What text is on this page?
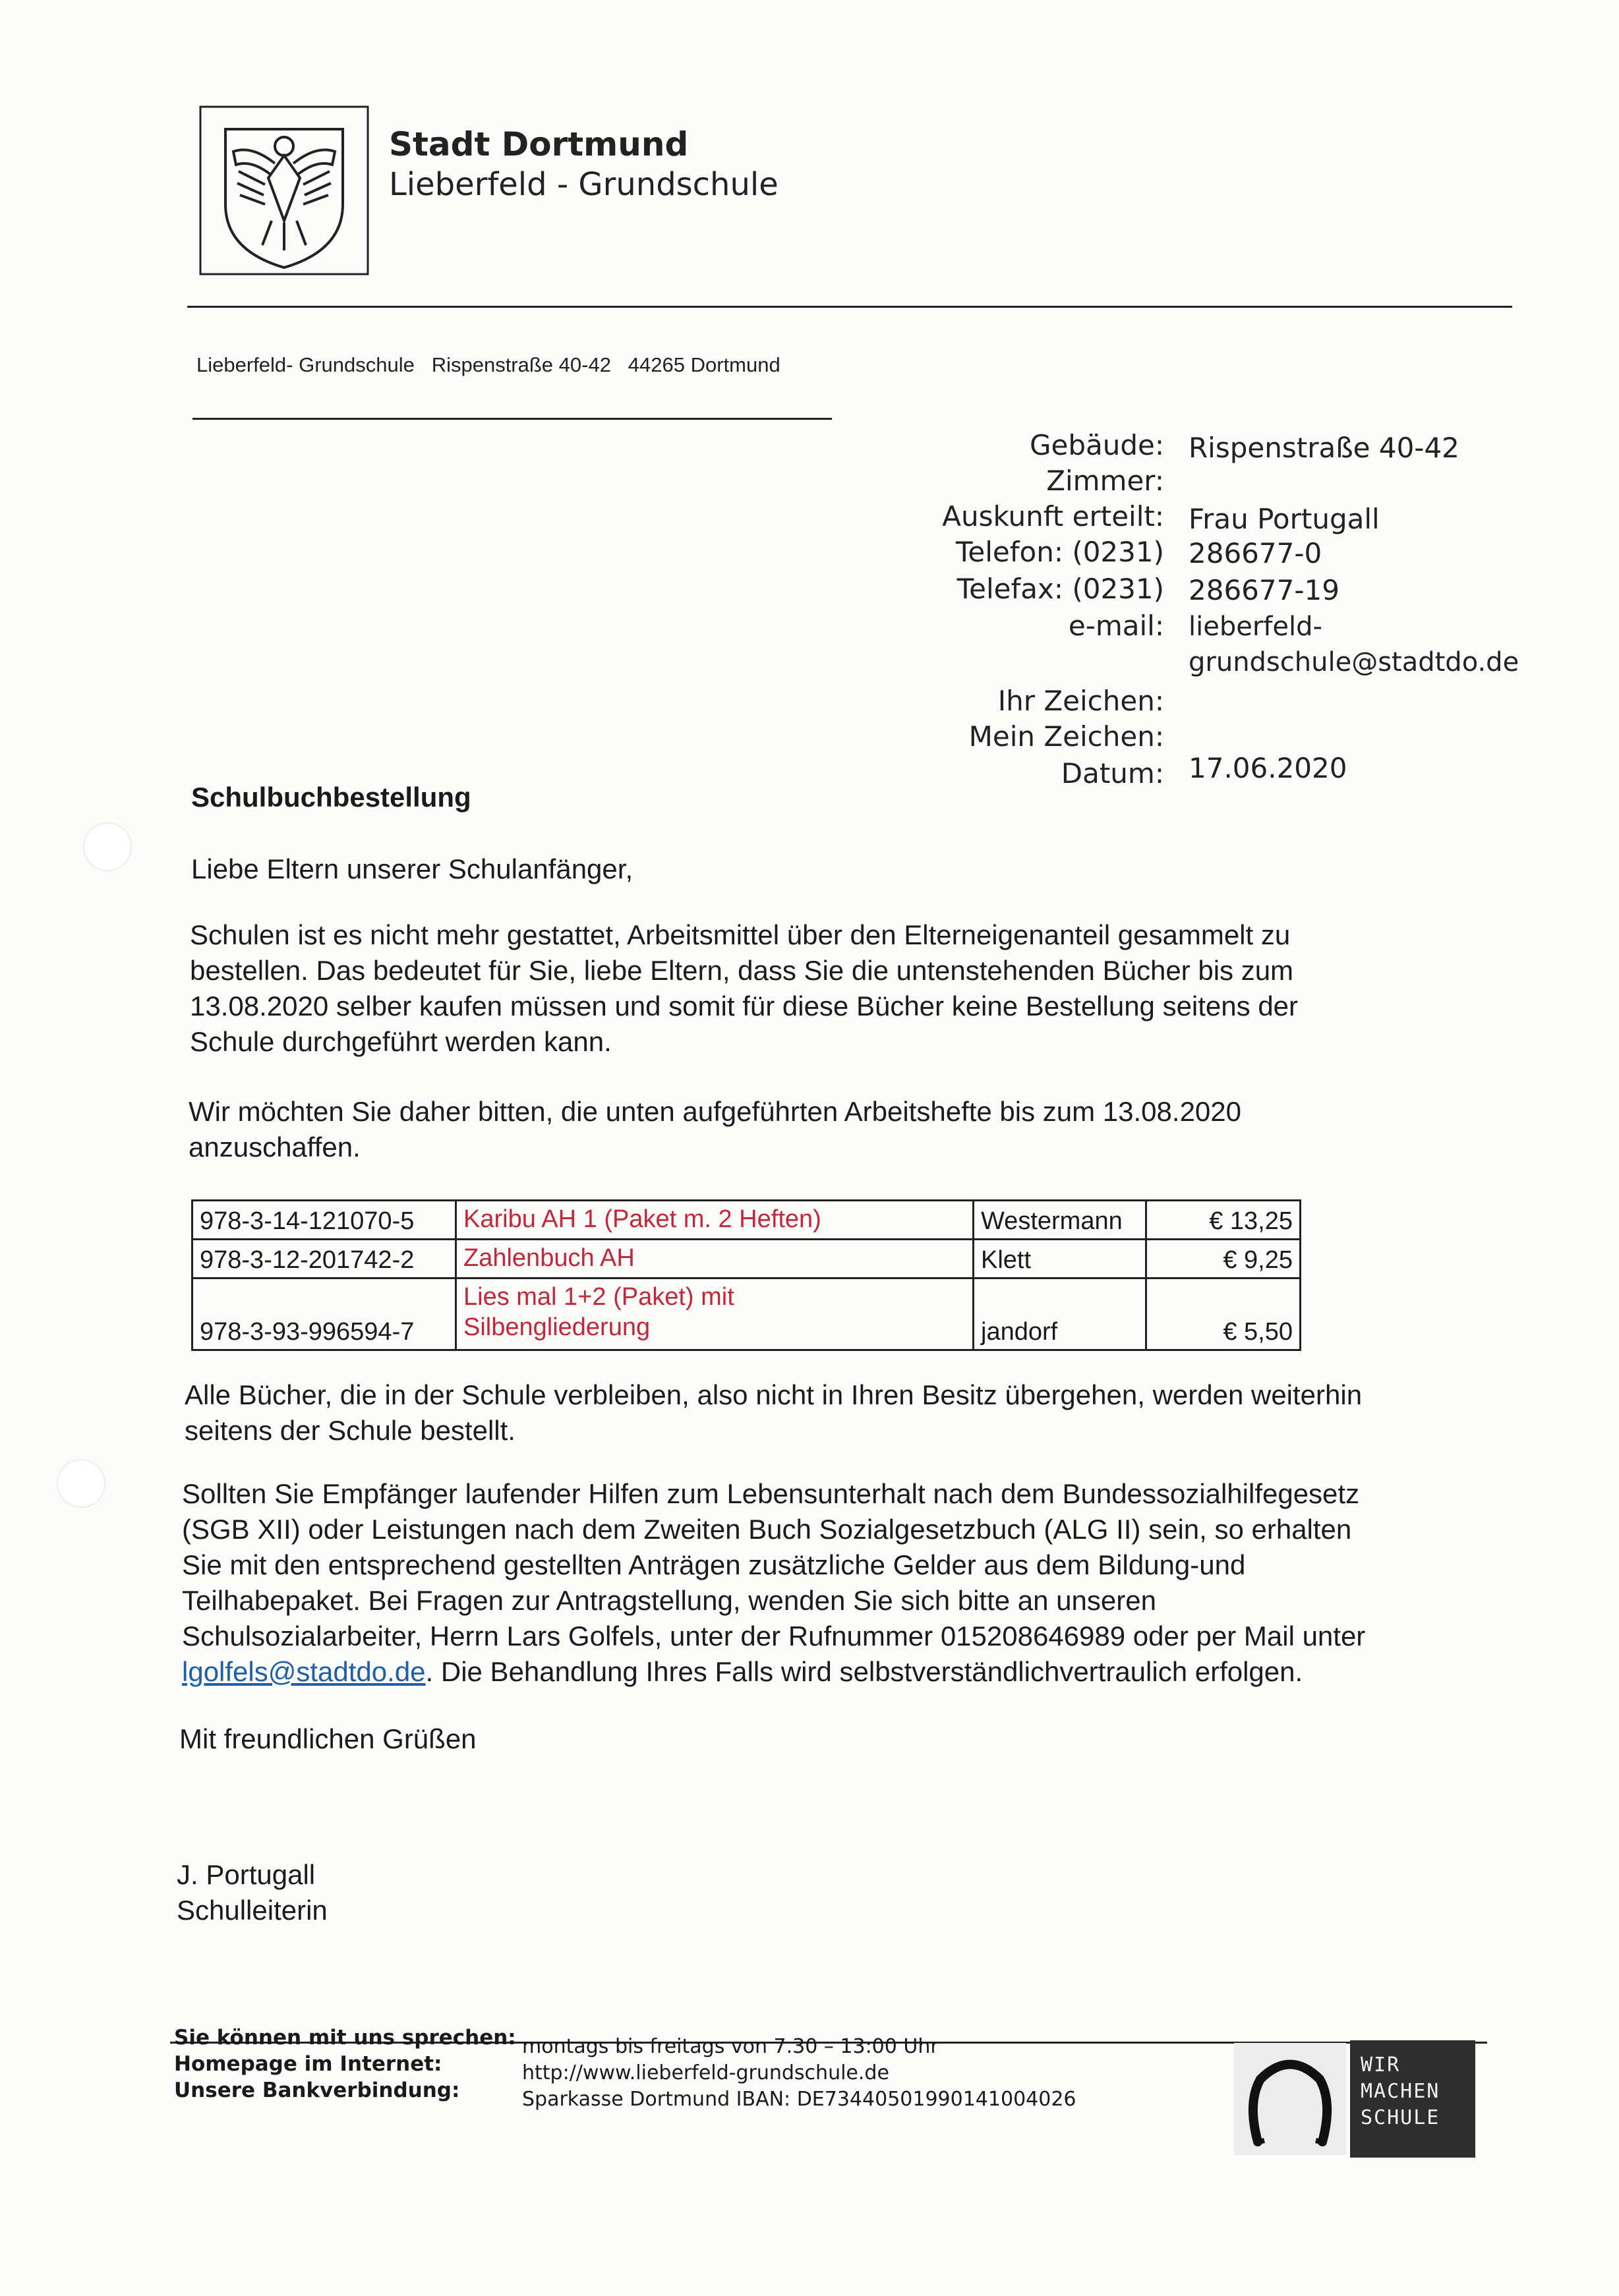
Stadt Dortmund
Lieberfeld - Grundschule
Lieberfeld- Grundschule   Rispenstraße 40-42   44265 Dortmund
Gebäude: Rispenstraße 40-42
Zimmer:
Auskunft erteilt: Frau Portugall
Telefon: (0231) 286677-0
Telefax: (0231) 286677-19
e-mail: lieberfeld-
grundschule@stadtdo.de
Ihr Zeichen:
Mein Zeichen:
Datum: 17.06.2020
Schulbuchbestellung
Liebe Eltern unserer Schulanfänger,
Schulen ist es nicht mehr gestattet, Arbeitsmittel über den Elterneigenanteil gesammelt zu
bestellen. Das bedeutet für Sie, liebe Eltern, dass Sie die untenstehenden Bücher bis zum
13.08.2020 selber kaufen müssen und somit für diese Bücher keine Bestellung seitens der
Schule durchgeführt werden kann.
Wir möchten Sie daher bitten, die unten aufgeführten Arbeitshefte bis zum 13.08.2020
anzuschaffen.
978-3-14-121070-5	Karibu AH 1 (Paket m. 2 Heften)	Westermann	€ 13,25
978-3-12-201742-2	Zahlenbuch AH	Klett	€ 9,25
978-3-93-996594-7	Lies mal 1+2 (Paket) mit
Silbengliederung	jandorf	€ 5,50
Alle Bücher, die in der Schule verbleiben, also nicht in Ihren Besitz übergehen, werden weiterhin
seitens der Schule bestellt.
Sollten Sie Empfänger laufender Hilfen zum Lebensunterhalt nach dem Bundessozialhilfegesetz
(SGB XII) oder Leistungen nach dem Zweiten Buch Sozialgesetzbuch (ALG II) sein, so erhalten
Sie mit den entsprechend gestellten Anträgen zusätzliche Gelder aus dem Bildung-und
Teilhabepaket. Bei Fragen zur Antragstellung, wenden Sie sich bitte an unseren
Schulsozialarbeiter, Herrn Lars Golfels, unter der Rufnummer 015208646989 oder per Mail unter
lgolfels@stadtdo.de. Die Behandlung Ihres Falls wird selbstverständlichvertraulich erfolgen.
Mit freundlichen Grüßen
J. Portugall
Schulleiterin
Sie können mit uns sprechen: montags bis freitags von 7.30 – 13:00 Uhr
Homepage im Internet:	http://www.lieberfeld-grundschule.de
Unsere Bankverbindung:	Sparkasse Dortmund IBAN: DE73440501990141004026
WIR
MACHEN
SCHULE
